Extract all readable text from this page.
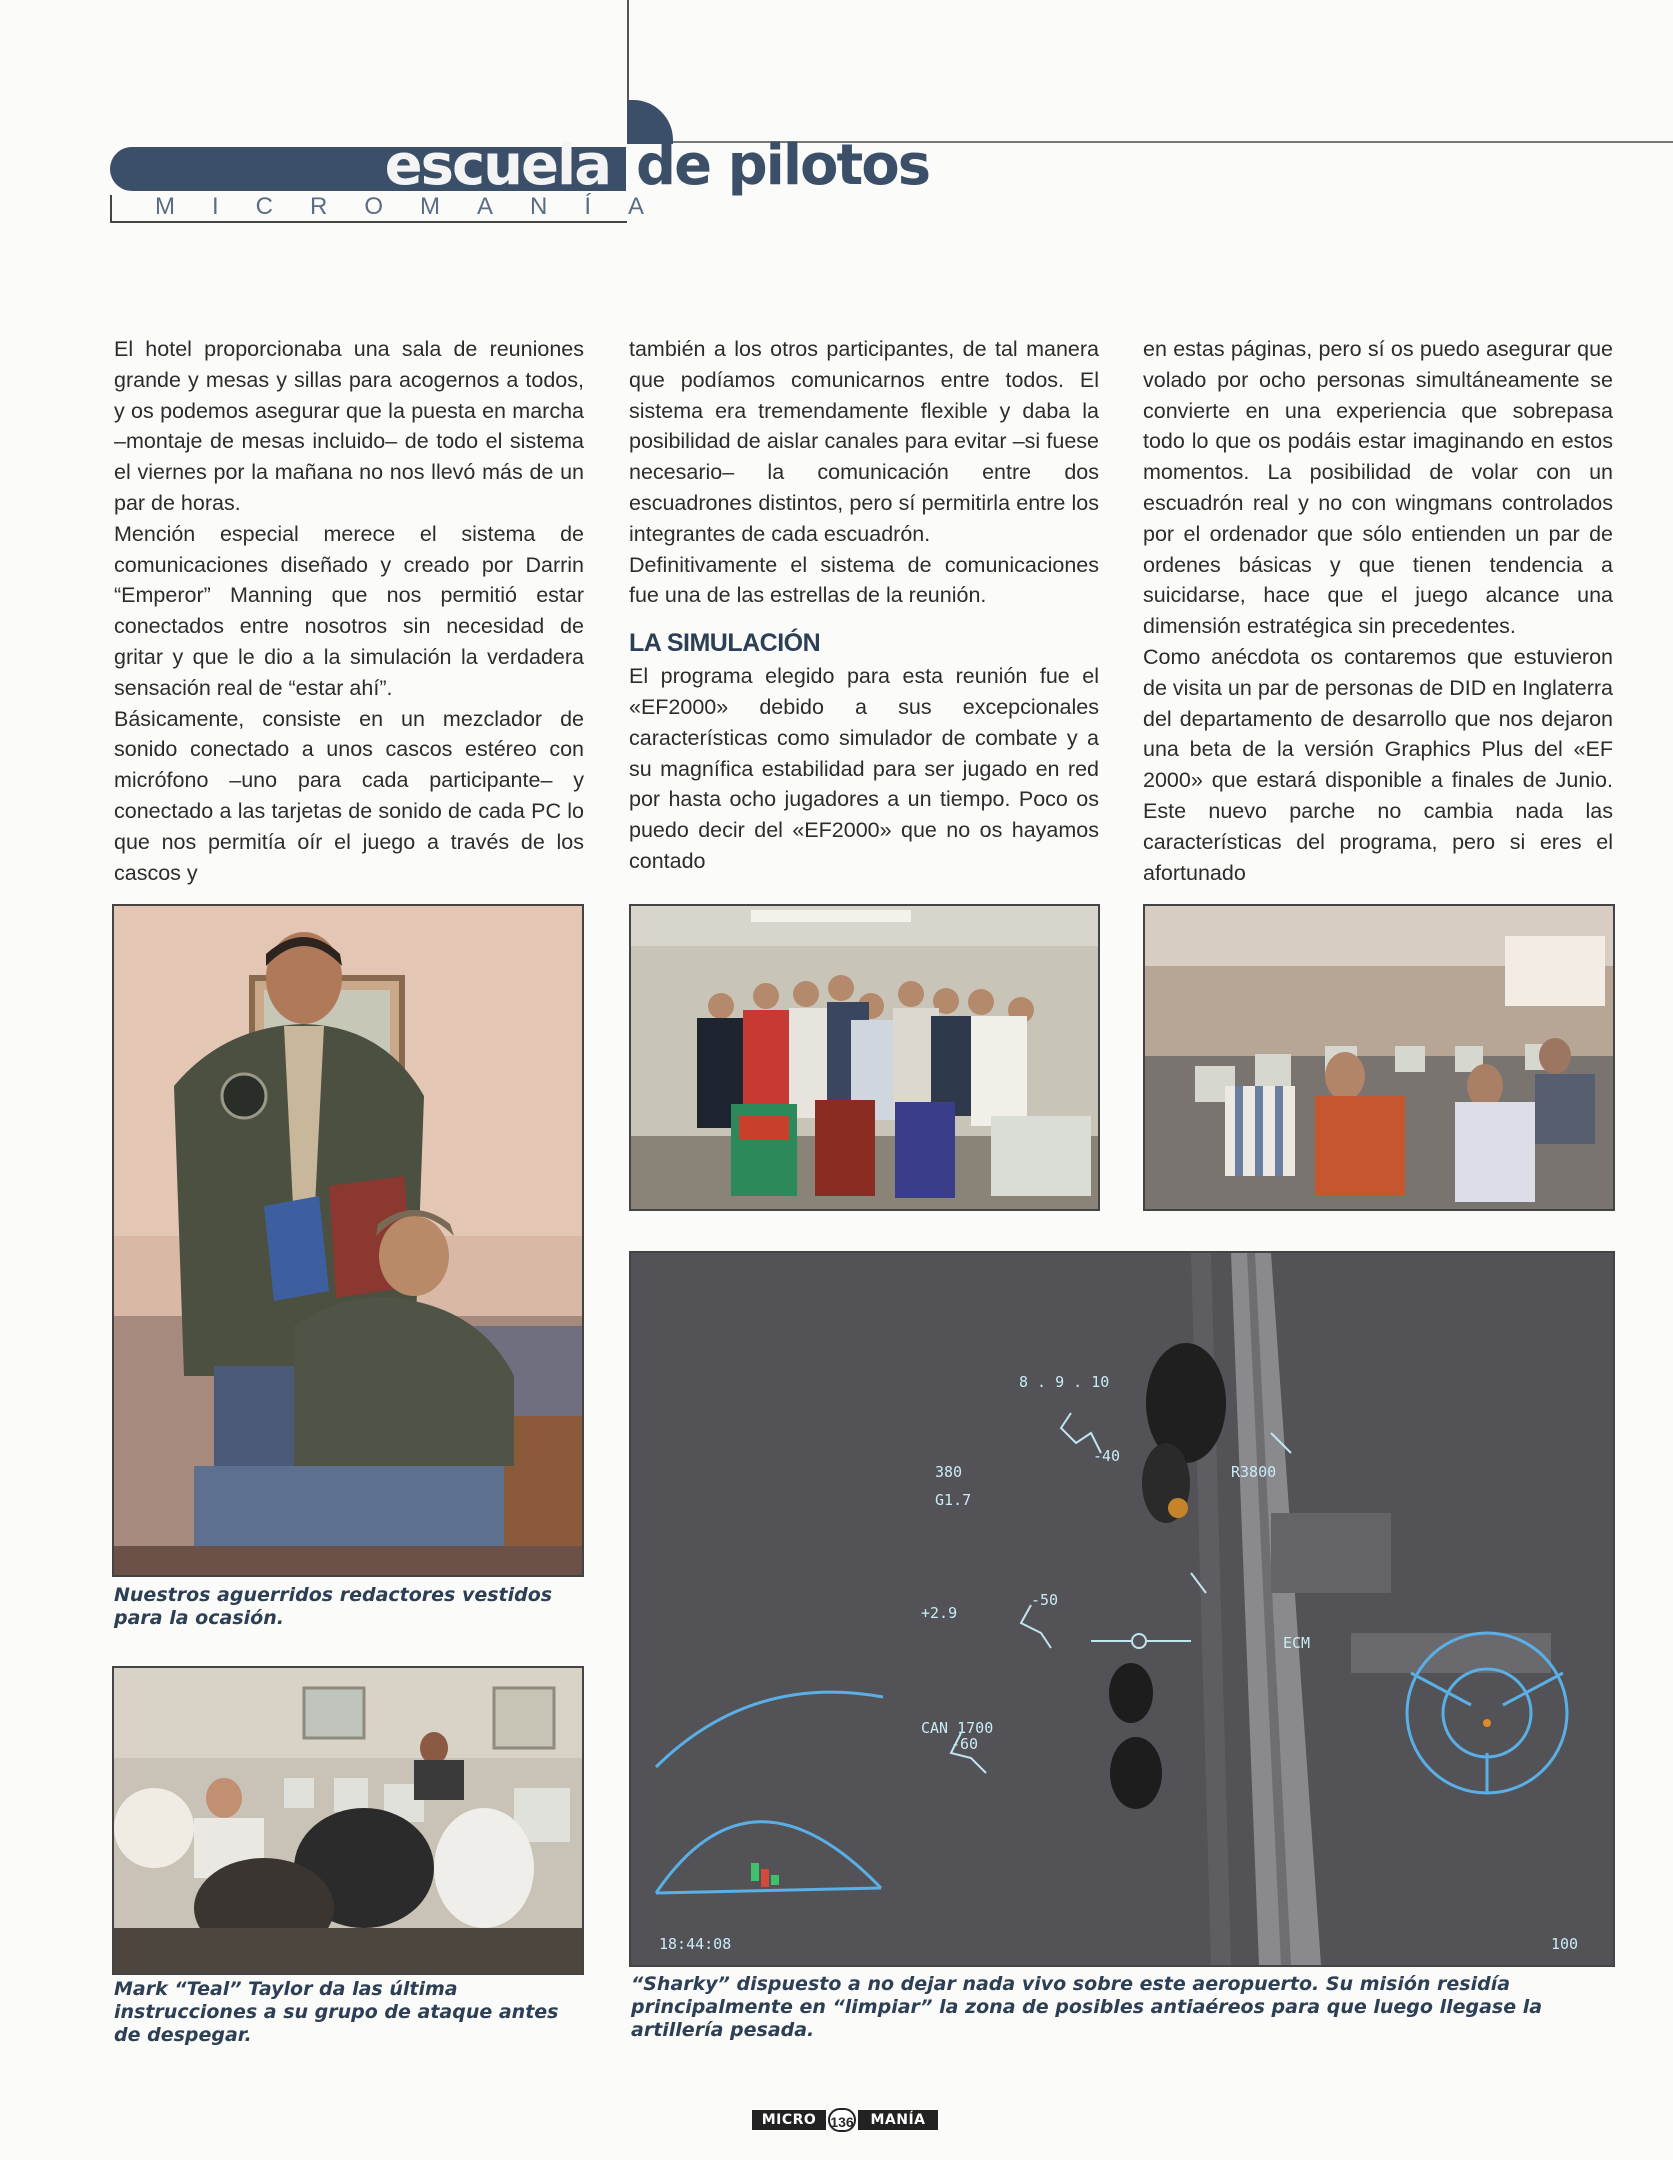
escuela de pilotos
MICROMANÍA

El hotel proporcionaba una sala de reuniones grande y mesas y sillas para acogernos a todos, y os podemos asegurar que la puesta en marcha –montaje de mesas incluido– de todo el sistema el viernes por la mañana no nos llevó más de un par de horas.

Mención especial merece el sistema de comunicaciones diseñado y creado por Darrin “Emperor” Manning que nos permitió estar conectados entre nosotros sin necesidad de gritar y que le dio a la simulación la verdadera sensación real de “estar ahí”.

Básicamente, consiste en un mezclador de sonido conectado a unos cascos estéreo con micrófono –uno para cada participante– y conectado a las tarjetas de sonido de cada PC lo que nos permitía oír el juego a través de los cascos y

también a los otros participantes, de tal manera que podíamos comunicarnos entre todos. El sistema era tremendamente flexible y daba la posibilidad de aislar canales para evitar –si fuese necesario– la comunicación entre dos escuadrones distintos, pero sí permitirla entre los integrantes de cada escuadrón.

Definitivamente el sistema de comunicaciones fue una de las estrellas de la reunión.

LA SIMULACIÓN

El programa elegido para esta reunión fue el «EF2000» debido a sus excepcionales características como simulador de combate y a su magnífica estabilidad para ser jugado en red por hasta ocho jugadores a un tiempo. Poco os puedo decir del «EF2000» que no os hayamos contado

en estas páginas, pero sí os puedo asegurar que volado por ocho personas simultáneamente se convierte en una experiencia que sobrepasa todo lo que os podáis estar imaginando en estos momentos. La posibilidad de volar con un escuadrón real y no con wingmans controlados por el ordenador que sólo entienden un par de ordenes básicas y que tienen tendencia a suicidarse, hace que el juego alcance una dimensión estratégica sin precedentes.

Como anécdota os contaremos que estuvieron de visita un par de personas de DID en Inglaterra del departamento de desarrollo que nos dejaron una beta de la versión Graphics Plus del «EF 2000» que estará disponible a finales de Junio. Este nuevo parche no cambia nada las características del programa, pero si eres el afortunado

Nuestros aguerridos redactores vestidos para la ocasión.
Mark “Teal” Taylor da las última instrucciones a su grupo de ataque antes de despegar.
8 . 9 . 10
380
G1.7
R3800
-40
-50
+2.9
ECM
CAN 1700
-60
18:44:08	100
“Sharky” dispuesto a no dejar nada vivo sobre este aeropuerto. Su misión residía principalmente en “limpiar” la zona de posibles antiaéreos para que luego llegase la artillería pesada.
MICRO	136	MANÍA
